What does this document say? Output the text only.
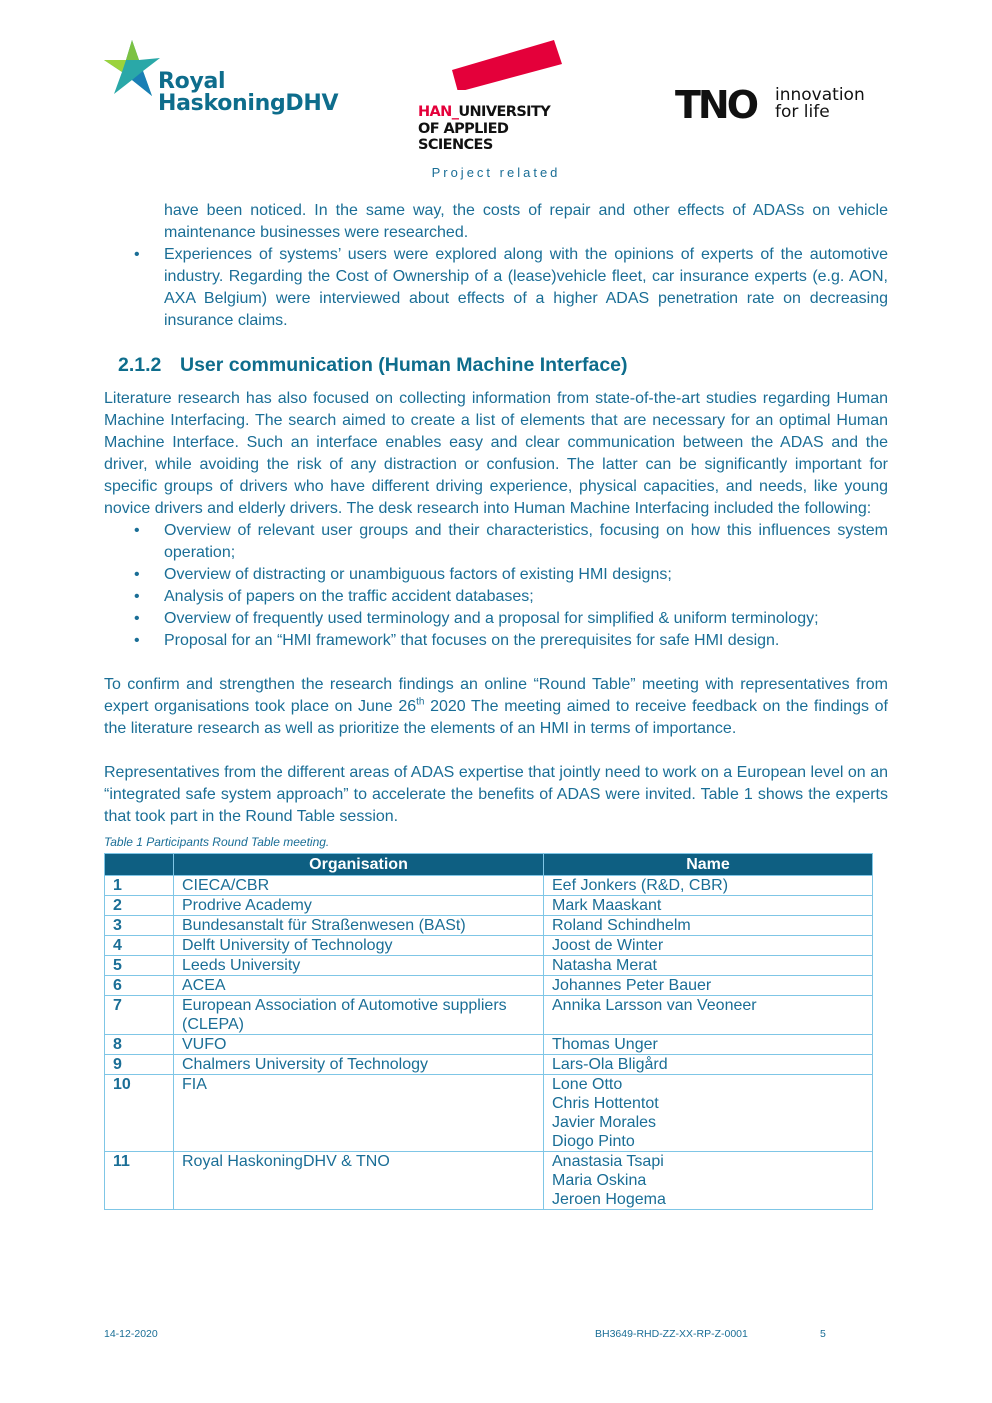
Royal
HaskoningDHV	HAN_UNIVERSITY
OF APPLIED SCIENCES
TNO innovation
for life
Project related

have been noticed. In the same way, the costs of repair and other effects of ADASs on vehicle maintenance businesses were researched.

• Experiences of systems’ users were explored along with the opinions of experts of the automotive industry. Regarding the Cost of Ownership of a (lease)vehicle fleet, car insurance experts (e.g. AON, AXA Belgium) were interviewed about effects of a higher ADAS penetration rate on decreasing insurance claims.
2.1.2 User communication (Human Machine Interface)

Literature research has also focused on collecting information from state-of-the-art studies regarding Human Machine Interfacing. The search aimed to create a list of elements that are necessary for an optimal Human Machine Interface. Such an interface enables easy and clear communication between the ADAS and the driver, while avoiding the risk of any distraction or confusion. The latter can be significantly important for specific groups of drivers who have different driving experience, physical capacities, and needs, like young novice drivers and elderly drivers. The desk research into Human Machine Interfacing included the following:

• Overview of relevant user groups and their characteristics, focusing on how this influences system operation;
• Overview of distracting or unambiguous factors of existing HMI designs;
• Analysis of papers on the traffic accident databases;
• Overview of frequently used terminology and a proposal for simplified & uniform terminology;
• Proposal for an “HMI framework” that focuses on the prerequisites for safe HMI design.

To confirm and strengthen the research findings an online “Round Table” meeting with representatives from expert organisations took place on June 26th 2020 The meeting aimed to receive feedback on the findings of the literature research as well as prioritize the elements of an HMI in terms of importance.

Representatives from the different areas of ADAS expertise that jointly need to work on a European level on an “integrated safe system approach” to accelerate the benefits of ADAS were invited. Table 1 shows the experts that took part in the Round Table session.

Table 1 Participants Round Table meeting.
	Organisation	Name
1	CIECA/CBR	Eef Jonkers (R&D, CBR)

2	Prodrive Academy	Mark Maaskant

3	Bundesanstalt für Straßenwesen (BASt)	Roland Schindhelm

4	Delft University of Technology	Joost de Winter

5	Leeds University	Natasha Merat

6	ACEA	Johannes Peter Bauer

7	European Association of Automotive suppliers (CLEPA)	Annika Larsson van Veoneer

8	VUFO	Thomas Unger

9	Chalmers University of Technology	Lars-Ola Bligård

10	FIA	Lone Otto
Chris Hottentot
Javier Morales
Diogo Pinto

11	Royal HaskoningDHV & TNO	Anastasia Tsapi
Maria Oskina
Jeroen Hogema
14-12-2020	BH3649-RHD-ZZ-XX-RP-Z-0001	5
